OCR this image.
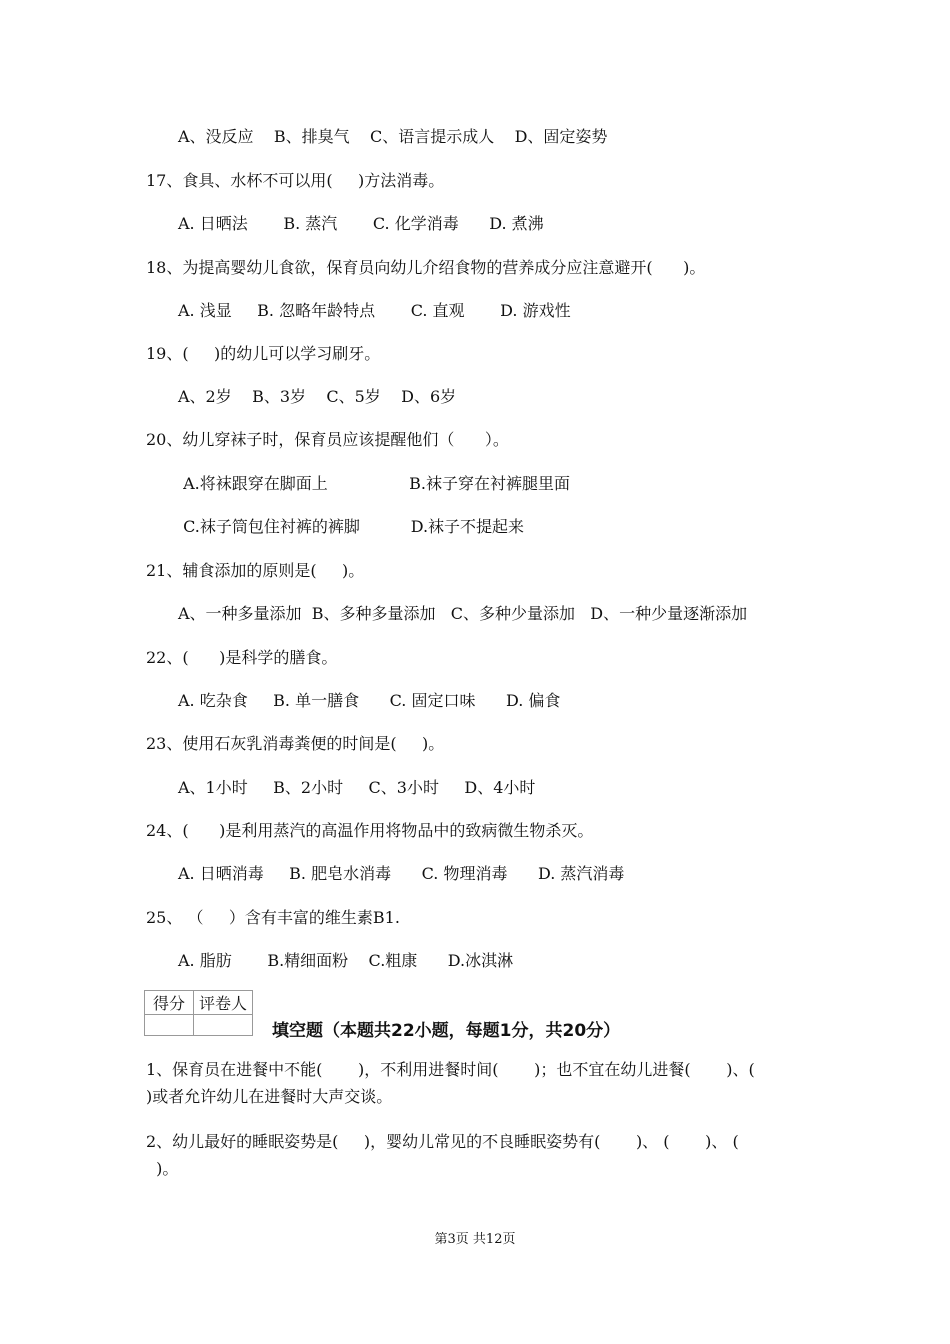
A、没反应    B、排臭气    C、语言提示成人    D、固定姿势
17、食具、水杯不可以用(     )方法消毒。
A. 日晒法       B. 蒸汽       C. 化学消毒      D. 煮沸
18、为提高婴幼儿食欲，保育员向幼儿介绍食物的营养成分应注意避开(      )。
A. 浅显     B. 忽略年龄特点       C. 直观       D. 游戏性
19、(     )的幼儿可以学习刷牙。
A、2岁    B、3岁    C、5岁    D、6岁
20、幼儿穿袜子时，保育员应该提醒他们（      ）。
A.将袜跟穿在脚面上                B.袜子穿在衬裤腿里面
C.袜子筒包住衬裤的裤脚          D.袜子不提起来
21、辅食添加的原则是(     )。
A、一种多量添加  B、多种多量添加   C、多种少量添加   D、一种少量逐渐添加
22、(      )是科学的膳食。
A. 吃杂食     B. 单一膳食      C. 固定口味      D. 偏食
23、使用石灰乳消毒粪便的时间是(     )。
A、1小时     B、2小时     C、3小时     D、4小时
24、(      )是利用蒸汽的高温作用将物品中的致病微生物杀灭。
A. 日晒消毒     B. 肥皂水消毒      C. 物理消毒      D. 蒸汽消毒
25、 （     ）含有丰富的维生素B1.
A. 脂肪       B.精细面粉    C.粗康      D.冰淇淋
1、保育员在进餐中不能(       )，不利用进餐时间(       )；也不宜在幼儿进餐(       )、(
)或者允许幼儿在进餐时大声交谈。
2、幼儿最好的睡眠姿势是(     )，婴幼儿常见的不良睡眠姿势有(       )、 (       )、 (
)。
得分	评卷人

填空题（本题共22小题，每题1分，共20分）
第3页 共12页
